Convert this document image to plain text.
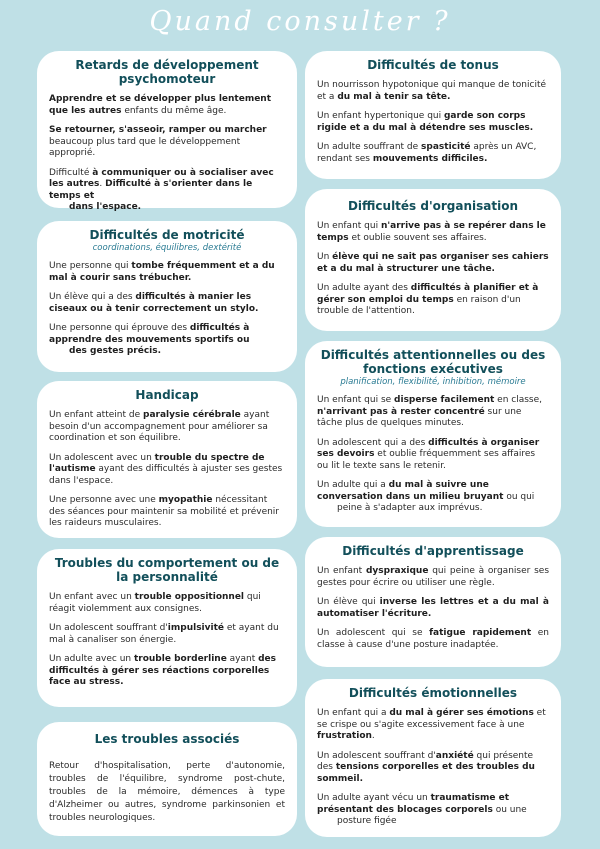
Quand consulter ?
Retards de développement psychomoteur

Apprendre et se développer plus lentement que les autres enfants du même âge.

Se retourner, s'asseoir, ramper ou marcher beaucoup plus tard que le développement approprié.

Difficulté à communiquer ou à socialiser avec les autres. Difficulté à s'orienter dans le temps et
dans l'espace.

Difficultés de motricité
coordinations, équilibres, dextérité

Une personne qui tombe fréquemment et a du mal à courir sans trébucher.

Un élève qui a des difficultés à manier les ciseaux ou à tenir correctement un stylo.

Une personne qui éprouve des difficultés à apprendre des mouvements sportifs ou
des gestes précis.

Handicap

Un enfant atteint de paralysie cérébrale ayant besoin d'un accompagnement pour améliorer sa coordination et son équilibre.

Un adolescent avec un trouble du spectre de l'autisme ayant des difficultés à ajuster ses gestes dans l'espace.

Une personne avec une myopathie nécessitant des séances pour maintenir sa mobilité et prévenir les raideurs musculaires.

Troubles du comportement ou de la personnalité

Un enfant avec un trouble oppositionnel qui réagit violemment aux consignes.

Un adolescent souffrant d'impulsivité et ayant du mal à canaliser son énergie.

Un adulte avec un trouble borderline ayant des difficultés à gérer ses réactions corporelles face au stress.

Les troubles associés

Retour d'hospitalisation, perte d'autonomie, troubles de l'équilibre, syndrome post-chute, troubles de la mémoire, démences à type d'Alzheimer ou autres, syndrome parkinsonien et troubles neurologiques.

Difficultés de tonus

Un nourrisson hypotonique qui manque de tonicité et a du mal à tenir sa tête.

Un enfant hypertonique qui garde son corps rigide et a du mal à détendre ses muscles.

Un adulte souffrant de spasticité après un AVC, rendant ses mouvements difficiles.

Difficultés d'organisation

Un enfant qui n'arrive pas à se repérer dans le temps et oublie souvent ses affaires.

Un élève qui ne sait pas organiser ses cahiers et a du mal à structurer une tâche.

Un adulte ayant des difficultés à planifier et à gérer son emploi du temps en raison d'un
trouble de l'attention.

Difficultés attentionnelles ou des fonctions exécutives
planification, flexibilité, inhibition, mémoire

Un enfant qui se disperse facilement en classe, n'arrivant pas à rester concentré sur une tâche plus de quelques minutes.

Un adolescent qui a des difficultés à organiser ses devoirs et oublie fréquemment ses affaires ou lit le texte sans le retenir.

Un adulte qui a du mal à suivre une conversation dans un milieu bruyant ou qui
peine à s'adapter aux imprévus.

Difficultés d'apprentissage

Un enfant dyspraxique qui peine à organiser ses gestes pour écrire ou utiliser une règle.

Un élève qui inverse les lettres et a du mal à automatiser l'écriture.

Un adolescent qui se fatigue rapidement en classe à cause d'une posture inadaptée.

Difficultés émotionnelles

Un enfant qui a du mal à gérer ses émotions et se crispe ou s'agite excessivement face à une frustration.

Un adolescent souffrant d'anxiété qui présente des tensions corporelles et des troubles du sommeil.

Un adulte ayant vécu un traumatisme et présentant des blocages corporels ou une
posture figée
